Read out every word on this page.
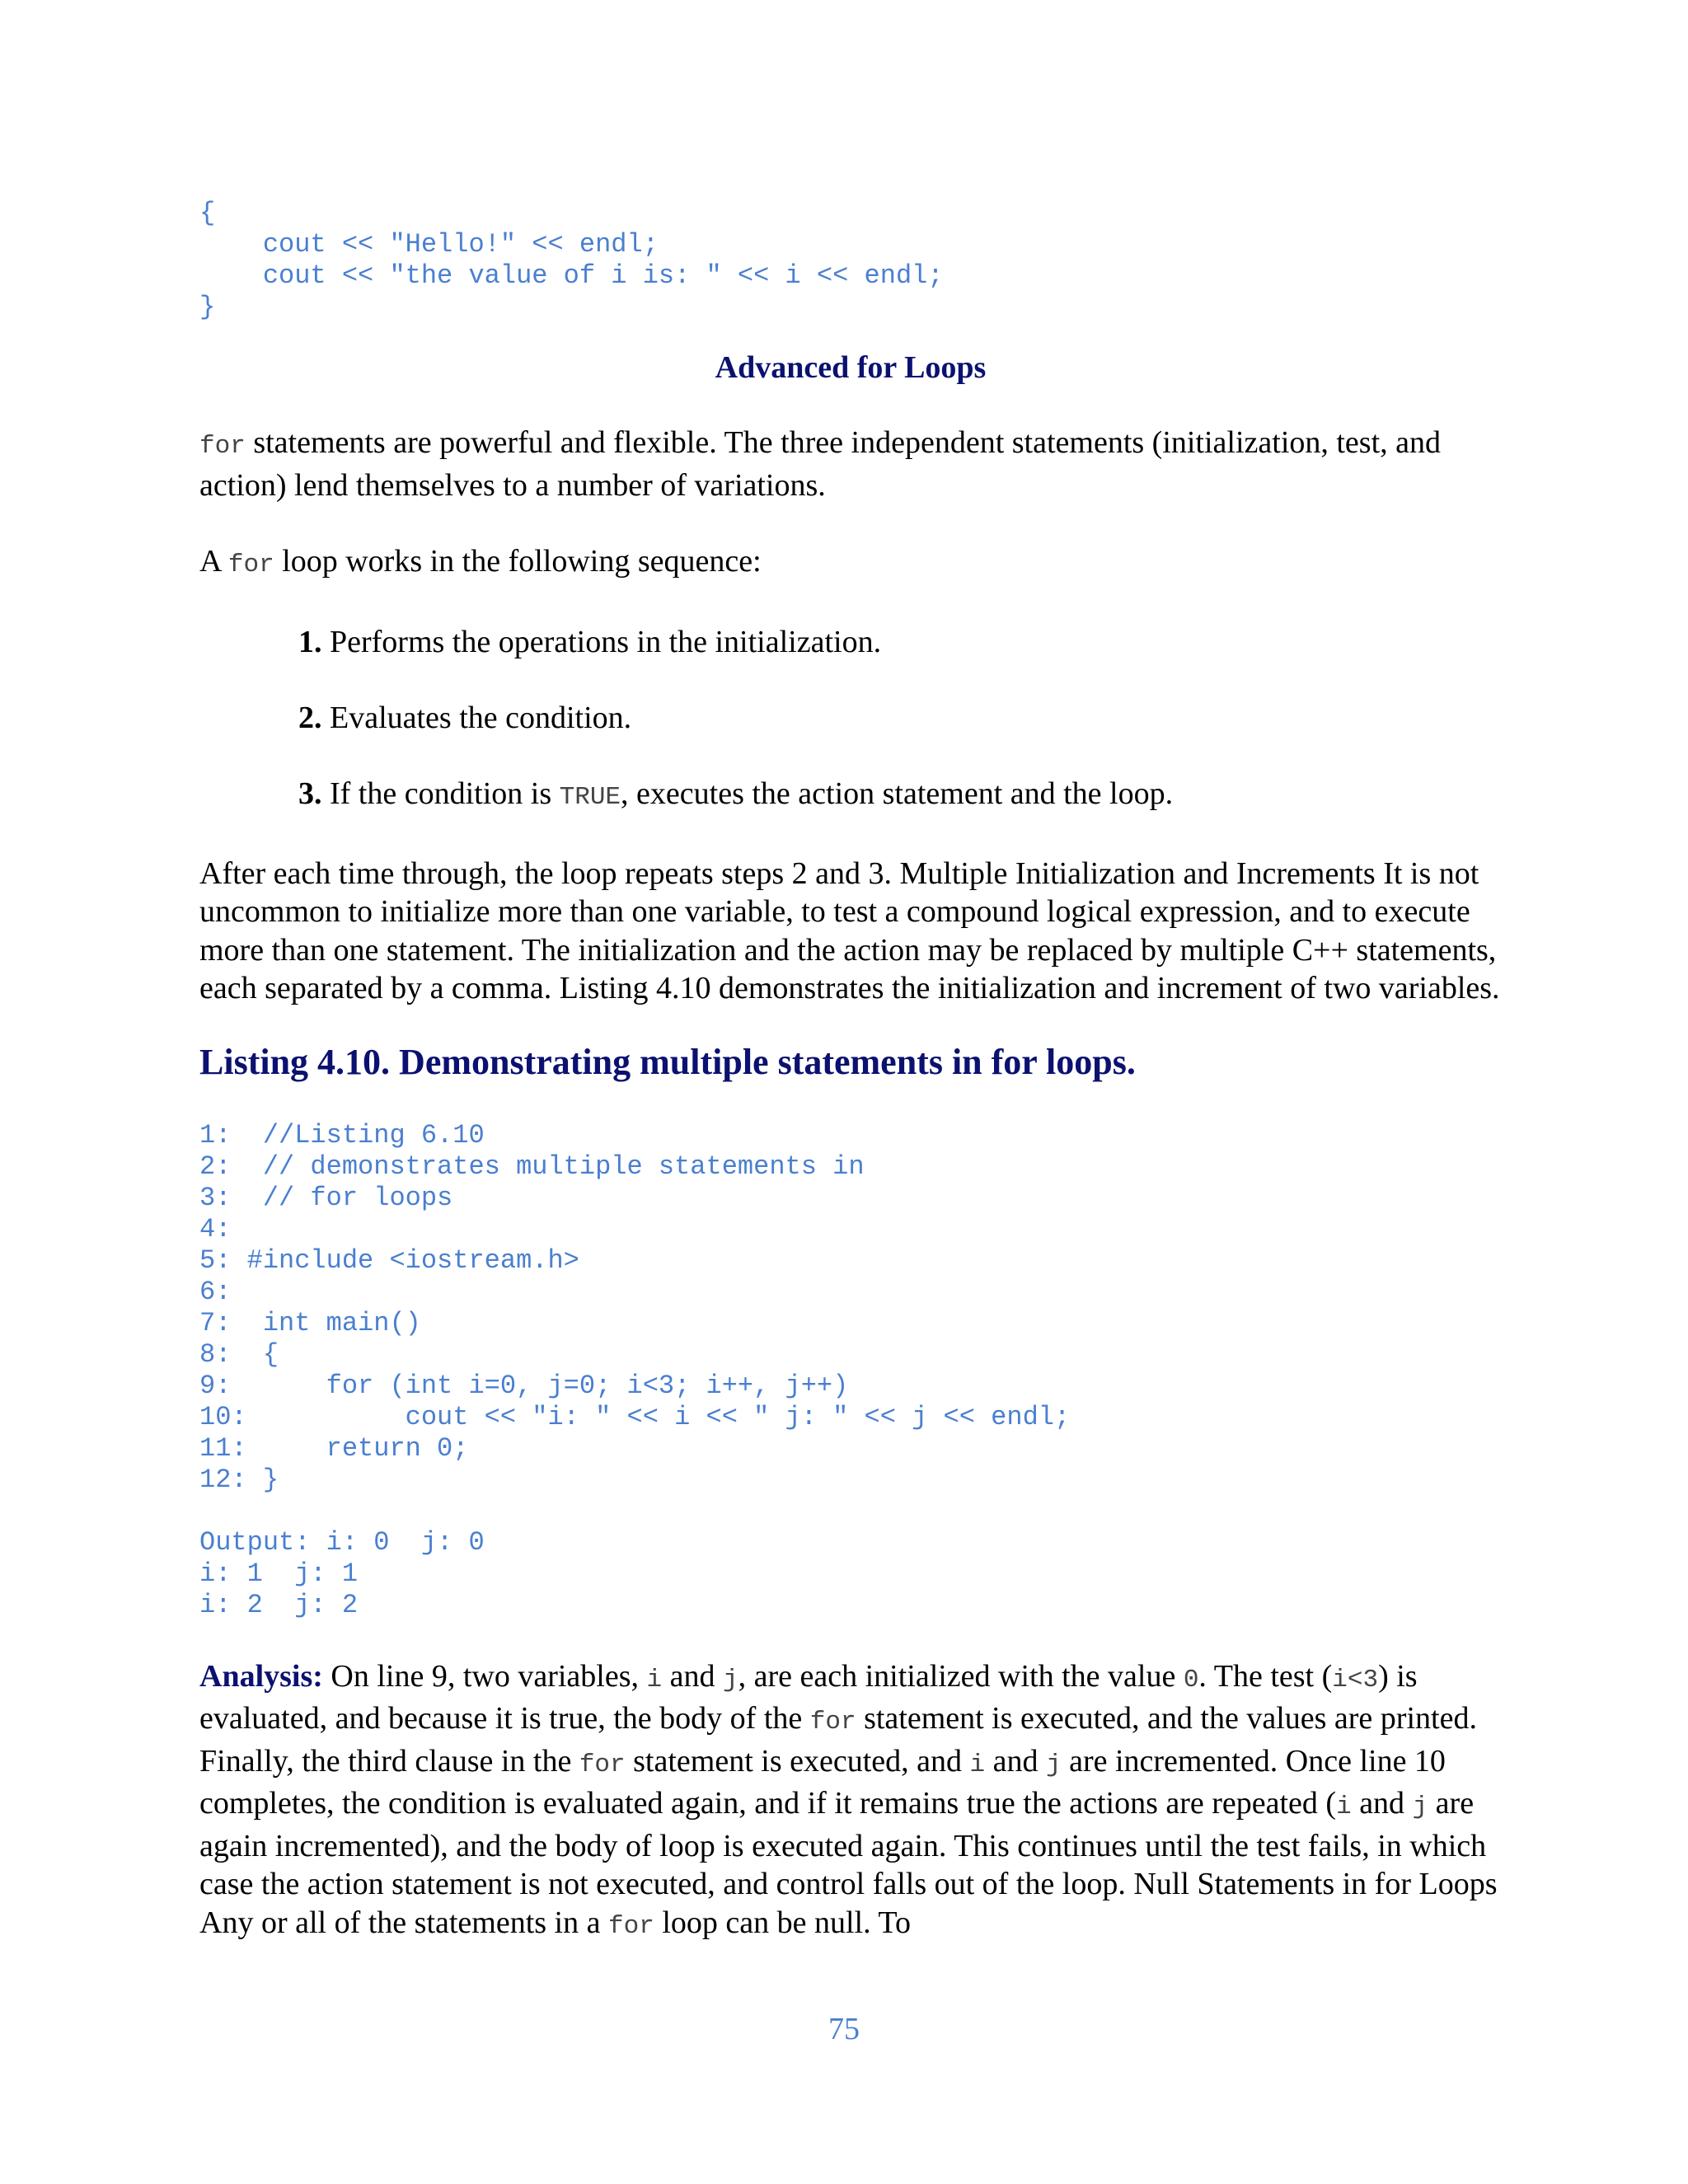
{
cout << "Hello!" << endl;
cout << "the value of i is: " << i << endl;
}
Advanced for Loops

for statements are powerful and flexible. The three independent statements (initialization, test, and action) lend themselves to a number of variations.

A for loop works in the following sequence:

1. Performs the operations in the initialization.
2. Evaluates the condition.
3. If the condition is TRUE, executes the action statement and the loop.

After each time through, the loop repeats steps 2 and 3. Multiple Initialization and Increments It is not uncommon to initialize more than one variable, to test a compound logical expression, and to execute more than one statement. The initialization and the action may be replaced by multiple C++ statements, each separated by a comma. Listing 4.10 demonstrates the initialization and increment of two variables.

Listing 4.10. Demonstrating multiple statements in for loops.
1:  //Listing 6.10
2:  // demonstrates multiple statements in
3:  // for loops
4:
5: #include <iostream.h>
6:
7:  int main()
8:  {
9:      for (int i=0, j=0; i<3; i++, j++)
10:          cout << "i: " << i << " j: " << j << endl;
11:     return 0;
12: }
Output: i: 0  j: 0
i: 1  j: 1
i: 2  j: 2

Analysis: On line 9, two variables, i and j, are each initialized with the value 0. The test (i<3) is evaluated, and because it is true, the body of the for statement is executed, and the values are printed. Finally, the third clause in the for statement is executed, and i and j are incremented. Once line 10 completes, the condition is evaluated again, and if it remains true the actions are repeated (i and j are again incremented), and the body of loop is executed again. This continues until the test fails, in which case the action statement is not executed, and control falls out of the loop. Null Statements in for Loops Any or all of the statements in a for loop can be null. To

75
